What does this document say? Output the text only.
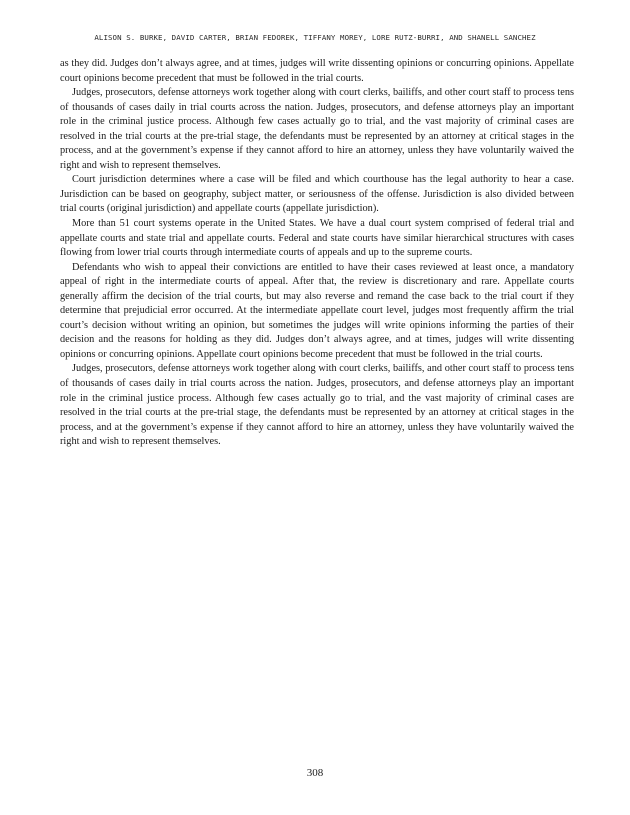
ALISON S. BURKE, DAVID CARTER, BRIAN FEDOREK, TIFFANY MOREY, LORE RUTZ-BURRI, AND SHANELL SANCHEZ

as they did. Judges don’t always agree, and at times, judges will write dissenting opinions or concurring opinions. Appellate court opinions become precedent that must be followed in the trial courts.

Judges, prosecutors, defense attorneys work together along with court clerks, bailiffs, and other court staff to process tens of thousands of cases daily in trial courts across the nation. Judges, prosecutors, and defense attorneys play an important role in the criminal justice process. Although few cases actually go to trial, and the vast majority of criminal cases are resolved in the trial courts at the pre-trial stage, the defendants must be represented by an attorney at critical stages in the process, and at the government’s expense if they cannot afford to hire an attorney, unless they have voluntarily waived the right and wish to represent themselves.

Court jurisdiction determines where a case will be filed and which courthouse has the legal authority to hear a case. Jurisdiction can be based on geography, subject matter, or seriousness of the offense. Jurisdiction is also divided between trial courts (original jurisdiction) and appellate courts (appellate jurisdiction).

More than 51 court systems operate in the United States. We have a dual court system comprised of federal trial and appellate courts and state trial and appellate courts. Federal and state courts have similar hierarchical structures with cases flowing from lower trial courts through intermediate courts of appeals and up to the supreme courts.

Defendants who wish to appeal their convictions are entitled to have their cases reviewed at least once, a mandatory appeal of right in the intermediate courts of appeal. After that, the review is discretionary and rare. Appellate courts generally affirm the decision of the trial courts, but may also reverse and remand the case back to the trial court if they determine that prejudicial error occurred. At the intermediate appellate court level, judges most frequently affirm the trial court’s decision without writing an opinion, but sometimes the judges will write opinions informing the parties of their decision and the reasons for holding as they did. Judges don’t always agree, and at times, judges will write dissenting opinions or concurring opinions. Appellate court opinions become precedent that must be followed in the trial courts.

Judges, prosecutors, defense attorneys work together along with court clerks, bailiffs, and other court staff to process tens of thousands of cases daily in trial courts across the nation. Judges, prosecutors, and defense attorneys play an important role in the criminal justice process. Although few cases actually go to trial, and the vast majority of criminal cases are resolved in the trial courts at the pre-trial stage, the defendants must be represented by an attorney at critical stages in the process, and at the government’s expense if they cannot afford to hire an attorney, unless they have voluntarily waived the right and wish to represent themselves.

308
